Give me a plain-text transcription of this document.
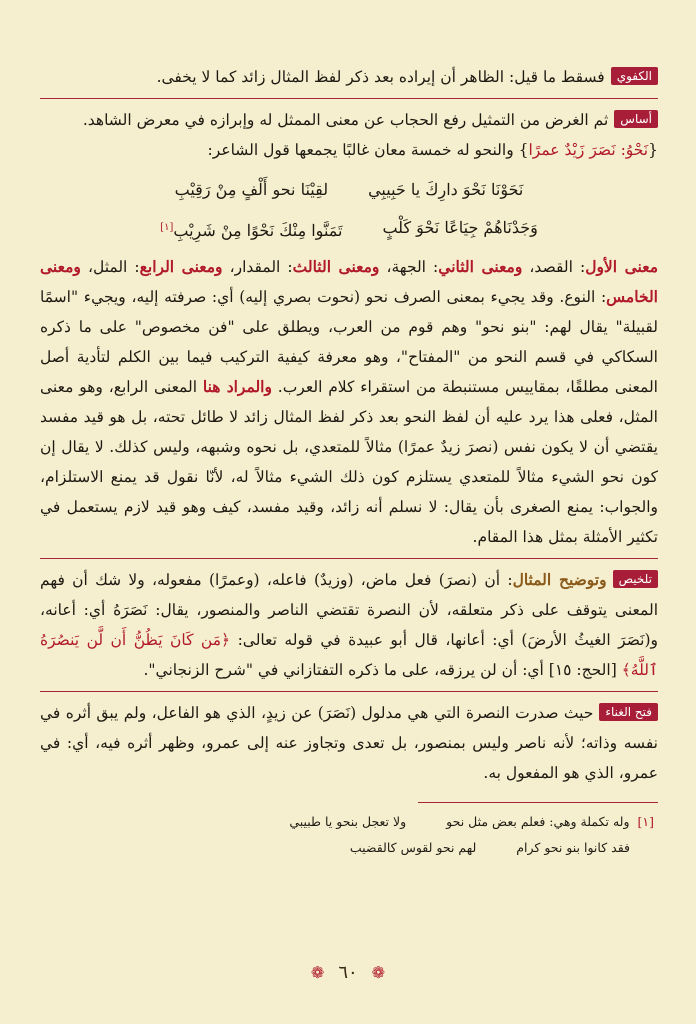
الكفويفسقط ما قيل: الظاهر أن إيراده بعد ذكر لفظ المثال زائد كما لا يخفى.
أساسثم الغرض من التمثيل رفع الحجاب عن معنى الممثل له وإبرازه في معرض الشاهد.
{نَحْوُ: نَصَرَ زَيْدٌ عمرًا} والنحو له خمسة معان غالبًا يجمعها قول الشاعر:
نَحَوْنَا نَحْوَ دارِكَ يا حَبِيبِي
لقِيْنَا نحو أَلْفٍ مِنْ رَقِيْبِ
وَجَدْنَاهُمْ جِيَاعًا نَحْوَ كَلْبٍ
تَمَنَّوا مِنْكَ نَحْوًا مِنْ شَرِيْبِ[١]
معنى الأول: القصد، ومعنى الثاني: الجهة، ومعنى الثالث: المقدار، ومعنى الرابع: المثل، ومعنى الخامس: النوع. وقد يجيء بمعنى الصرف نحو (نحوت بصري إليه) أي: صرفته إليه، ويجيء "اسمًا لقبيلة" يقال لهم: "بنو نحو" وهم قوم من العرب، ويطلق على "فن مخصوص" على ما ذكره السكاكي في قسم النحو من "المفتاح"، وهو معرفة كيفية التركيب فيما بين الكلم لتأدية أصل المعنى مطلقًا، بمقاييس مستنبطة من استقراء كلام العرب. والمراد هنا المعنى الرابع، وهو معنى المثل، فعلى هذا يرد عليه أن لفظ النحو بعد ذكر لفظ المثال زائد لا طائل تحته، بل هو قيد مفسد يقتضي أن لا يكون نفس (نصرَ زيدٌ عمرًا) مثالاً للمتعدي، بل نحوه وشبهه، وليس كذلك. لا يقال إن كون نحو الشيء مثالاً للمتعدي يستلزم كون ذلك الشيء مثالاً له، لأنّا نقول قد يمنع الاستلزام، والجواب: يمنع الصغرى بأن يقال: لا نسلم أنه زائد، وقيد مفسد، كيف وهو قيد لازم يستعمل في تكثير الأمثلة بمثل هذا المقام.
تلخيصوتوضيح المثال: أن (نصرَ) فعل ماض، (وزيدٌ) فاعله، (وعمرًا) مفعوله، ولا شك أن فهم المعنى يتوقف على ذكر متعلقه، لأن النصرة تقتضي الناصر والمنصور، يقال: نَصَرَهُ أي: أعانه، و(نَصَرَ الغيثُ الأرضَ) أي: أعانها، قال أبو عبيدة في قوله تعالى: ﴿مَن كَانَ يَظُنُّ أَن لَّن يَنصُرَهُ ٱللَّهُ﴾ [الحج: ١٥] أي: أن لن يرزقه، على ما ذكره التفتازاني في "شرح الزنجاني".
فتح الغناءحيث صدرت النصرة التي هي مدلول (نَصَرَ) عن زيدٍ، الذي هو الفاعل، ولم يبق أثره في نفسه وذاته؛ لأنه ناصر وليس بمنصور، بل تعدى وتجاوز عنه إلى عمرو، وظهر أثره فيه، أي: في عمرو، الذي هو المفعول به.
[١]وله تكملة وهي: فعلم بعض مثل نحو
ولا تعجل بنحو يا طبيبي
فقد كانوا بنو نحو كرام
لهم نحو لقوس كالقضيب
❁
٦٠
❁
